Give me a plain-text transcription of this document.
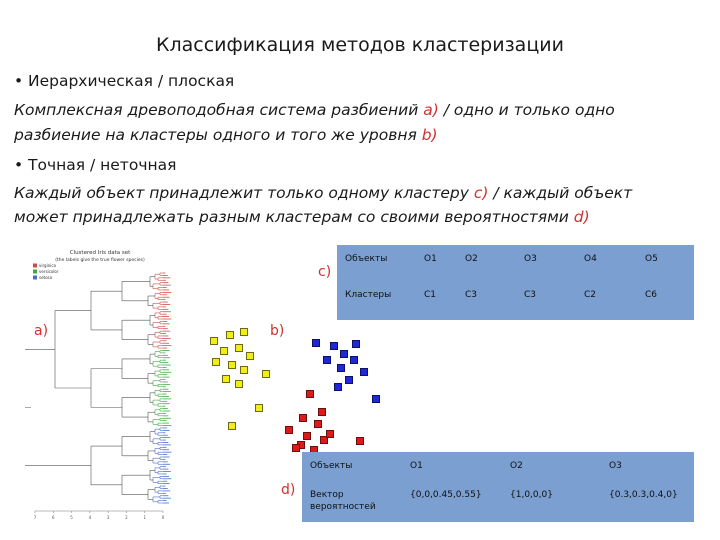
Классификация методов кластеризации
• Иерархическая / плоская
Комплексная древоподобная система разбиений a) / одно и только одно
разбиение на кластеры одного и того же уровня b)
• Точная / неточная
Каждый объект принадлежит только одному кластеру c) / каждый объект
может принадлежать разным кластерам со своими вероятностями d)
Clustered Iris data set
(the labels give the true flower species)
virginica
versicolor
setosa
7	6	5	4	3	2	1	0
a)	b)
c)
d)
Объекты	O1	O2	O3	O4	O5
Кластеры	C1	C3	C3	C2	C6
Объекты	O1	O2	O3
Вектор
вероятностей
{0,0,0.45,0.55}	{1,0,0,0}	{0.3,0.3,0.4,0}
